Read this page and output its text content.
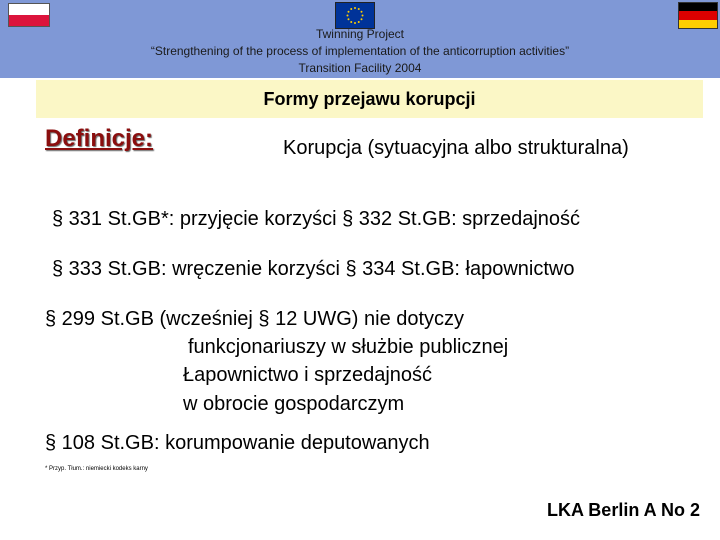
Twinning Project
“Strengthening of the process of implementation of the anticorruption activities”
Transition Facility 2004
Formy przejawu korupcji
Definicje:	Korupcja (sytuacyjna albo strukturalna)
§ 331 St.GB*: przyjęcie korzyści § 332 St.GB: sprzedajność
§ 333 St.GB: wręczenie korzyści § 334 St.GB: łapownictwo
§ 299 St.GB (wcześniej § 12 UWG) nie dotyczy
funkcjonariuszy w służbie publicznej
Łapownictwo i sprzedajność
w obrocie gospodarczym
§ 108 St.GB: korumpowanie deputowanych
* Przyp. Tłum.: niemiecki kodeks karny
LKA Berlin A No 2
